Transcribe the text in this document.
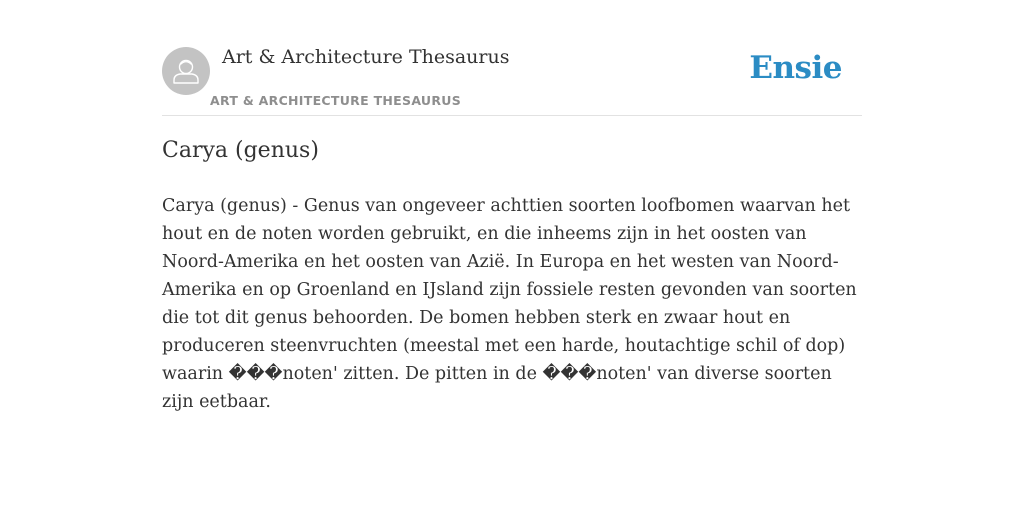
Art & Architecture Thesaurus
ART & ARCHITECTURE THESAURUS
Ensie
Carya (genus)

Carya (genus) - Genus van ongeveer achttien soorten loofbomen waarvan het hout en de noten worden gebruikt, en die inheems zijn in het oosten van Noord-Amerika en het oosten van Azië. In Europa en het westen van Noord-Amerika en op Groenland en IJsland zijn fossiele resten gevonden van soorten die tot dit genus behoorden. De bomen hebben sterk en zwaar hout en produceren steenvruchten (meestal met een harde, houtachtige schil of dop) waarin ���noten' zitten. De pitten in de ���noten' van diverse soorten zijn eetbaar.
